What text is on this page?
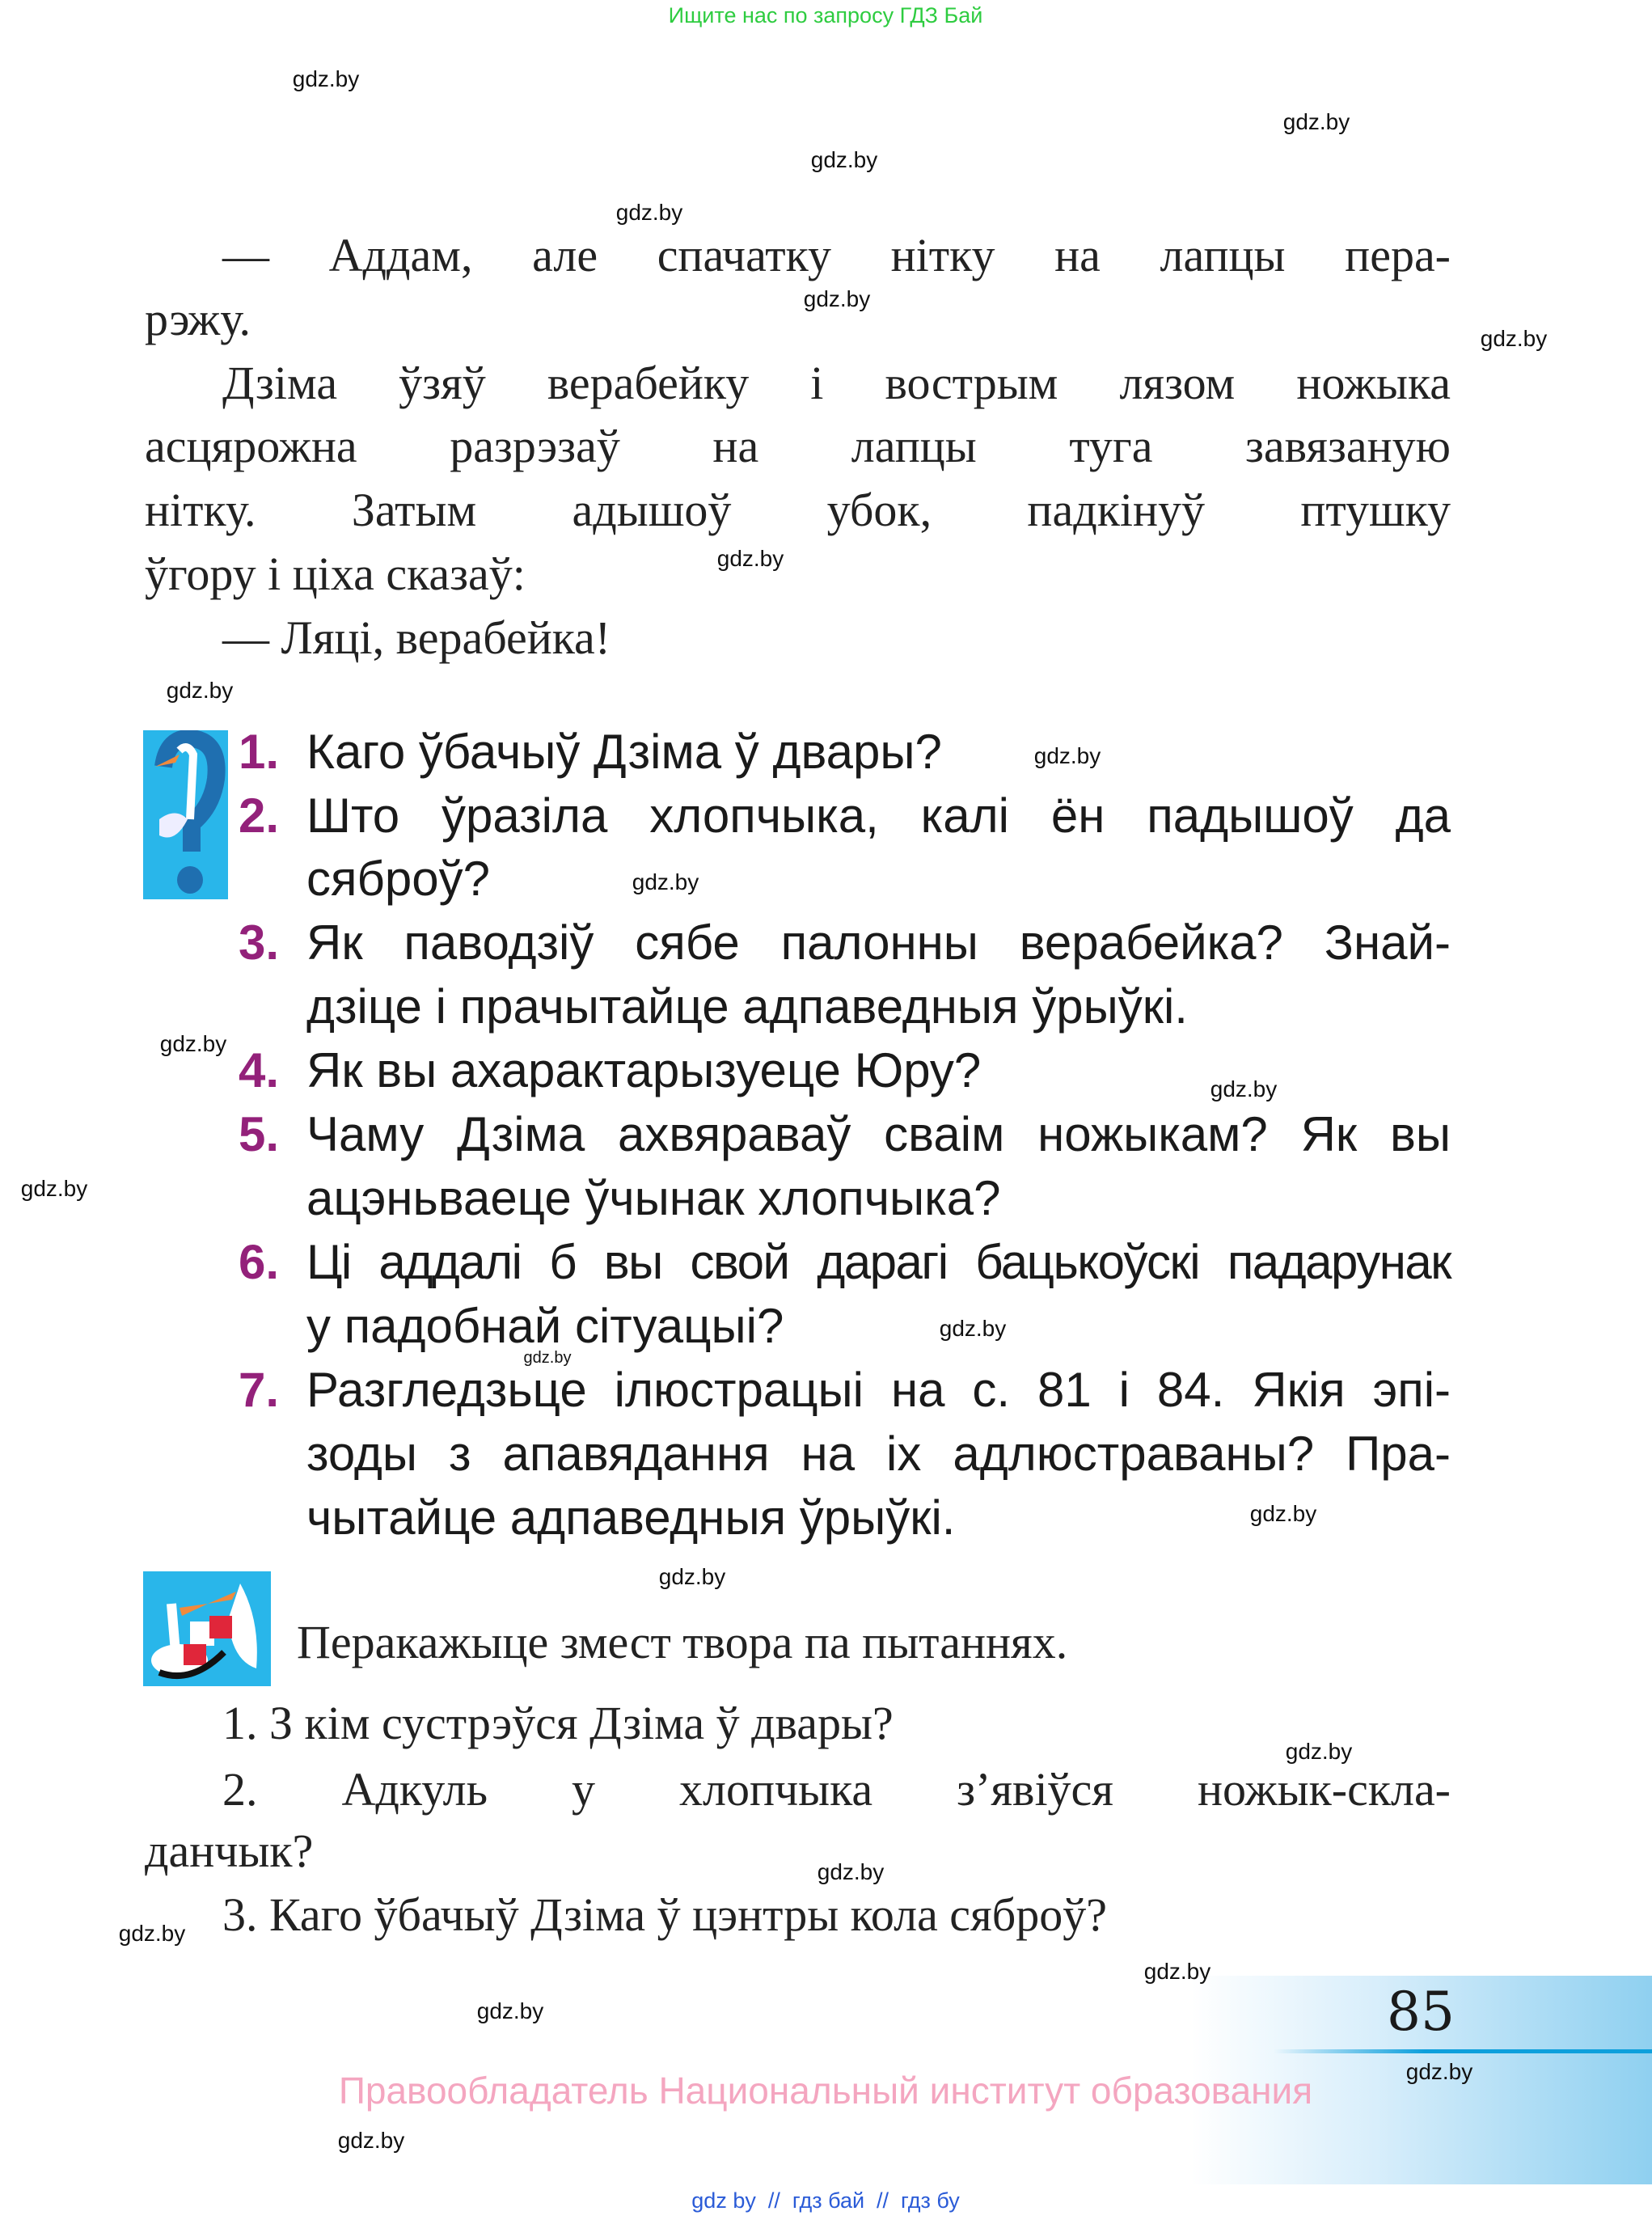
Ищите нас по запросу ГДЗ Бай
— Аддам, але спачатку нітку на лапцы пера-
рэжу.
Дзіма ўзяў верабейку і вострым лязом ножыка
асцярожна разрэзаў на лапцы туга завязаную
нітку. Затым адышоў убок, падкінуў птушку
ўгору і ціха сказаў:
— Ляці, верабейка!
1. Каго ўбачыў Дзіма ў двары?
2. Што ўразіла хлопчыка, калі ён падышоў да
сяброў?
3. Як паводзіў сябе палонны верабейка? Знай-
дзіце і прачытайце адпаведныя ўрыўкі.
4. Як вы ахарактарызуеце Юру?
5. Чаму Дзіма ахвяраваў сваім ножыкам? Як вы
ацэньваеце ўчынак хлопчыка?
6. Ці аддалі б вы свой дарагі бацькоўскі падарунак
у падобнай сітуацыі?
7. Разгледзьце ілюстрацыі на с. 81 і 84. Якія эпі-
зоды з апавядання на іх адлюстраваны? Пра-
чытайце адпаведныя ўрыўкі.
Перакажыце змест твора па пытаннях.
1. З кім сустрэўся Дзіма ў двары?
2. Адкуль у хлопчыка з’явіўся ножык-скла-
данчык?
3. Каго ўбачыў Дзіма ў цэнтры кола сяброў?
85
Правообладатель Национальный институт образования
gdz by  //  гдз бай  //  гдз бу
gdz.by
gdz.by
gdz.by
gdz.by
gdz.by
gdz.by
gdz.by
gdz.by
gdz.by
gdz.by
gdz.by
gdz.by
gdz.by
gdz.by
gdz.by
gdz.by
gdz.by
gdz.by
gdz.by
gdz.by
gdz.by
gdz.by
gdz.by
gdz.by
